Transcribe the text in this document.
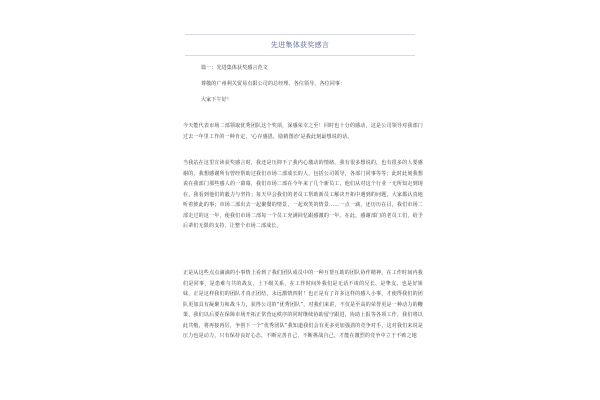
先进集体获奖感言
篇一：先进集体获奖感言范文
尊敬的广州利关贸易有限公司的总经理、各位领导、各位同事：
大家下午好！
今天能代表市场二部领取优秀团队这个奖项，深感荣幸之至！同时也十分的感动，这是公司领导对我部门过去一年里工作的一种肯定，'心存感恩，励精图治'是我此刻最想说的话。
当我站在这里宣读获奖感言时，我还是压抑不了我内心激动的情绪，我有很多想说的，也有很多的人要感谢的，我想感谢所有曾经帮助过我们市场二部成长的人，包括公司领导，各部门同事等等；此时此刻我想说在我部门那些感人的一幕幕，我们市场二部在今年来了几个新员工，他们从对这个行业一无所知走到现在，我看到他们的毅力与坚持；每天早会我们的老员工帮助新员工解决开拓中遇到的问题，大家都认真地听着彼此的事；市场二部出去一起聚餐的情景，一起欢笑的情景……一点一滴，还历历在目，我们市场二部走过的这一年，使我们市场二部每一个员工充满回忆跟感激的一年。在此，感谢部门的老员工们，给予后辈们无限的支持，让整个市场二部成长。
正是从这些点点滴滴的小事情上看到了我们团队成员中的一种互帮互助的团队协作精神，在工作时间内我们是同事，是患难与共的战友，上下级关系，在工作时间外我们是无话不谈的兄长、是挚友、也是好姐妹，正是这样我们的团队才真正团结，永远激情四射！也正是有了许多这样的感人小事，才使得我们的团队更加具有凝聚力和战斗力，获得公司的“优秀团队”，对我们来讲，不仅是至高的荣誉更是一种动力的鞭策，我们以后要在保障市场开拓正常营运秩序的同时继续协助留守跟进，协助上报等各项工作，我们将以此共勉，将再接再厉，争创下一个“优秀团队”我知道我们会有更多更加强劲的竞争对手，这对我们来说是压力也是动力，只有保持良好心态，不断完善自己，不断挑战自己，才能在激烈的竞争中立于不败之地
